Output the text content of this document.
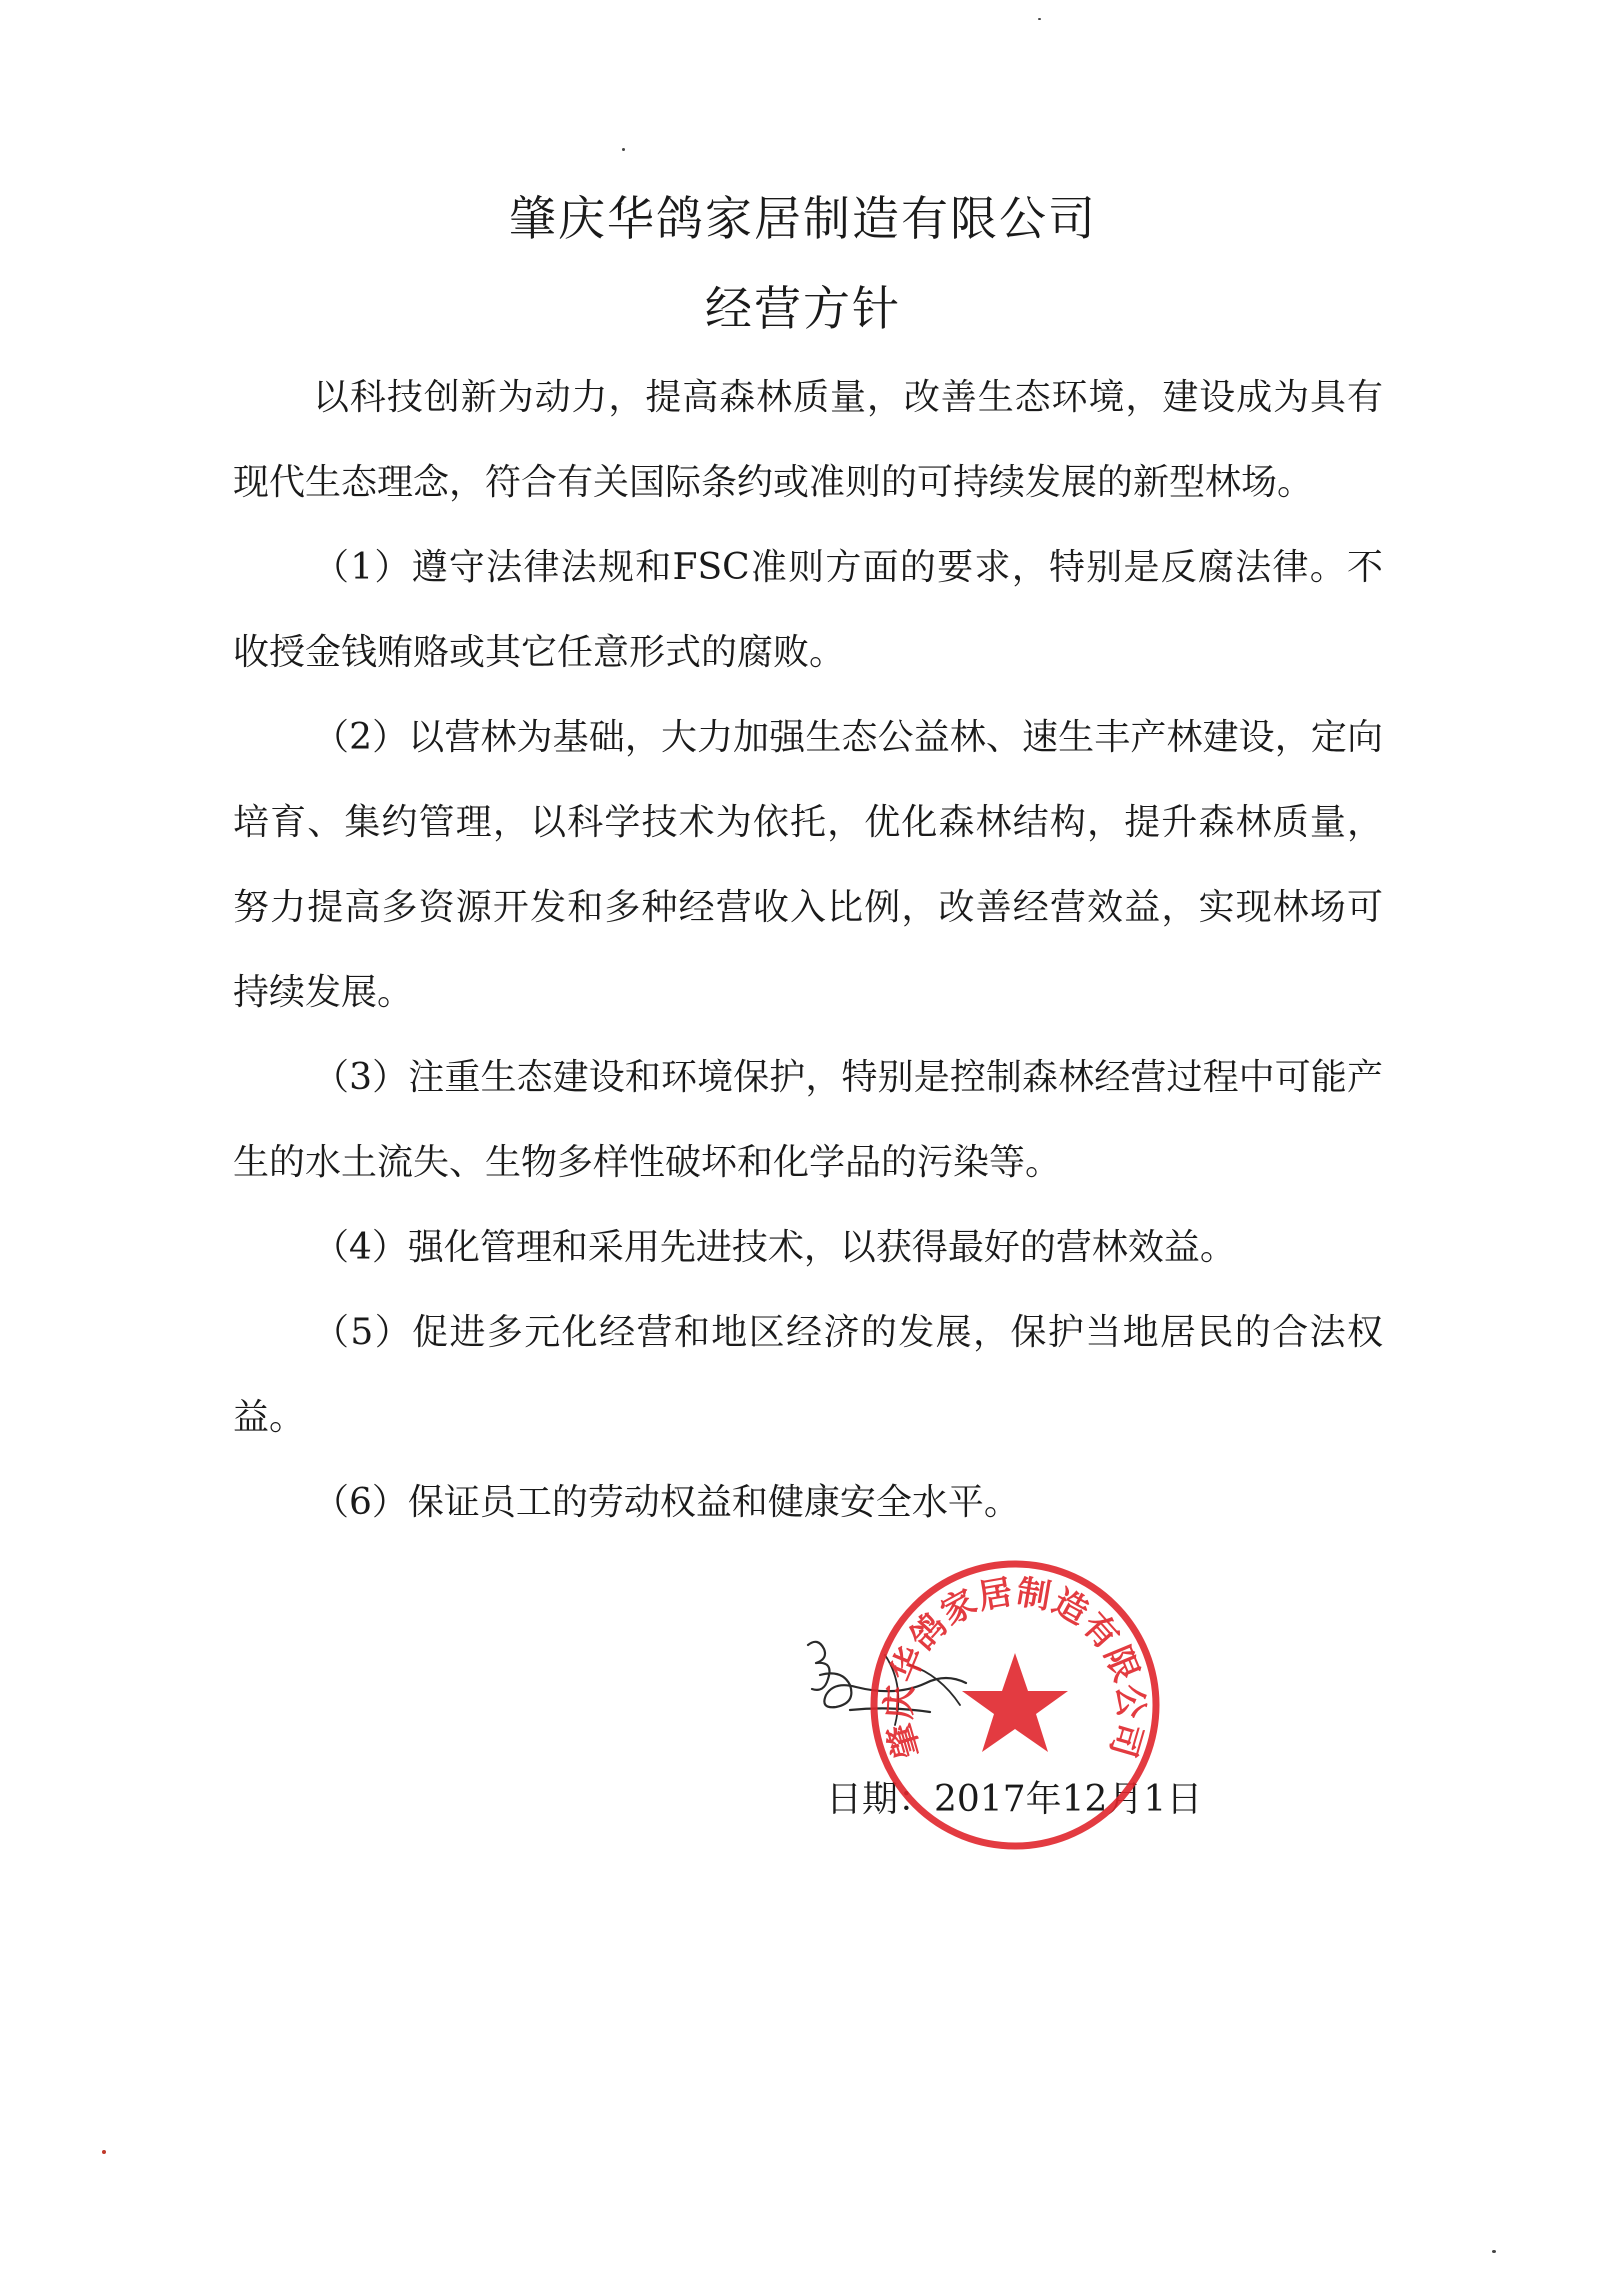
肇庆华鸽家居制造有限公司
经营方针

以科技创新为动力，提高森林质量，改善生态环境，建设成为具有现代生态理念，符合有关国际条约或准则的可持续发展的新型林场。

（1）遵守法律法规和FSC准则方面的要求，特别是反腐法律。不收授金钱贿赂或其它任意形式的腐败。

（2）以营林为基础，大力加强生态公益林、速生丰产林建设，定向培育、集约管理，以科学技术为依托，优化森林结构，提升森林质量，努力提高多资源开发和多种经营收入比例，改善经营效益，实现林场可持续发展。

（3）注重生态建设和环境保护，特别是控制森林经营过程中可能产生的水土流失、生物多样性破坏和化学品的污染等。

（4）强化管理和采用先进技术，以获得最好的营林效益。

（5）促进多元化经营和地区经济的发展，保护当地居民的合法权益。

（6）保证员工的劳动权益和健康安全水平。

日期：2017年12月1日
肇庆华鸽家居制造有限公司
